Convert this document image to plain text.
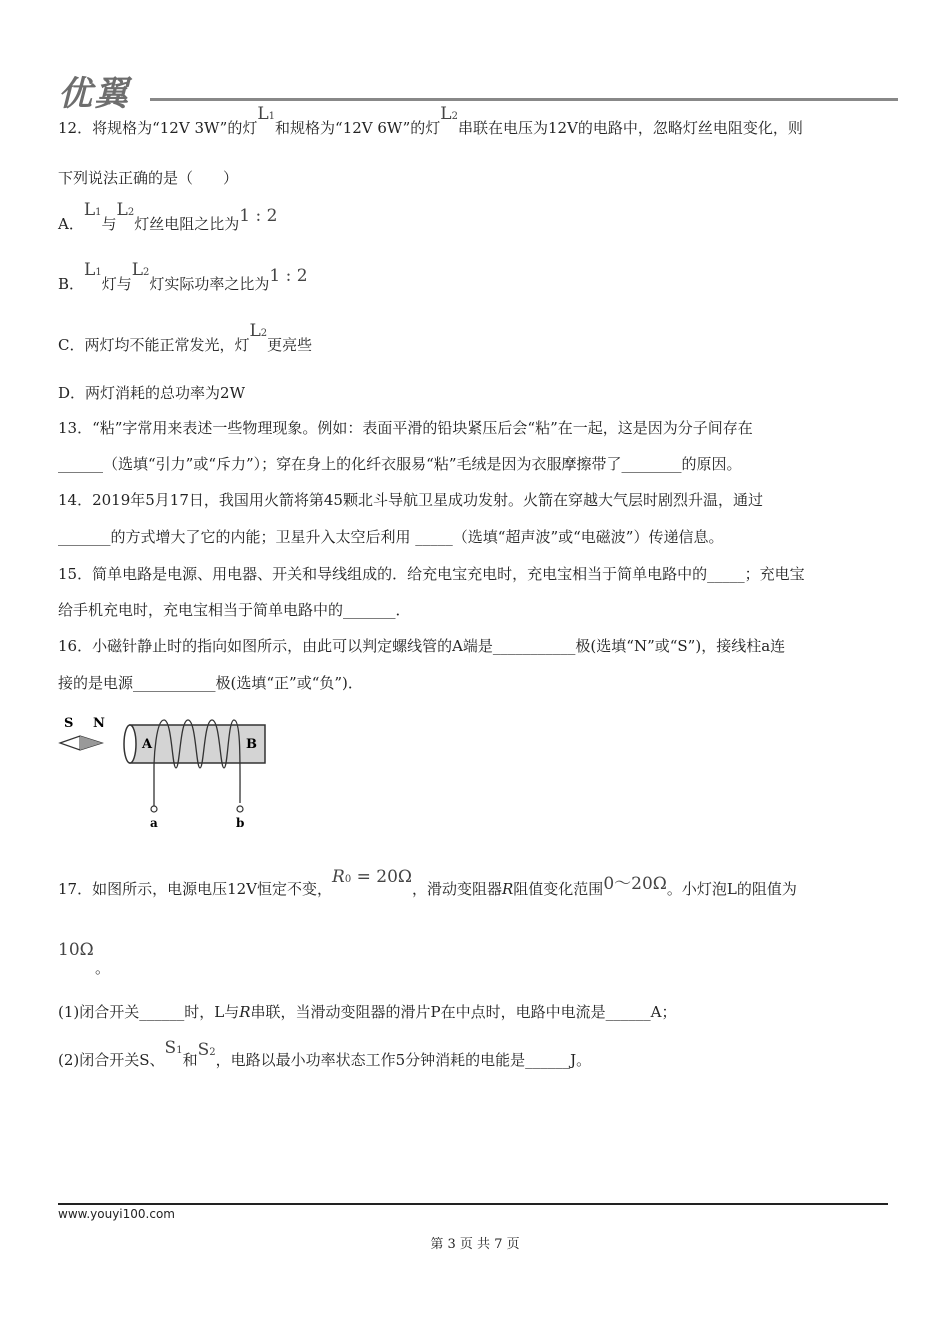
优翼
12．将规格为“12V 3W”的灯L1和规格为“12V 6W”的灯L2串联在电压为12V的电路中，忽略灯丝电阻变化，则
下列说法正确的是（　　）
A．L1与L2灯丝电阻之比为1 : 2
B．L1灯与L2灯实际功率之比为1 : 2
C．两灯均不能正常发光，灯L2更亮些
D．两灯消耗的总功率为2W
13．“粘”字常用来表述一些物理现象。例如：表面平滑的铅块紧压后会“粘”在一起，这是因为分子间存在
______（选填“引力”或“斥力”）；穿在身上的化纤衣服易“粘”毛绒是因为衣服摩擦带了________的原因。
14．2019年5月17日，我国用火箭将第45颗北斗导航卫星成功发射。火箭在穿越大气层时剧烈升温，通过
_______的方式增大了它的内能；卫星升入太空后利用 _____（选填“超声波”或“电磁波”）传递信息。
15．简单电路是电源、用电器、开关和导线组成的．给充电宝充电时，充电宝相当于简单电路中的_____；充电宝
给手机充电时，充电宝相当于简单电路中的_______．
16．小磁针静止时的指向如图所示，由此可以判定螺线管的A端是___________极(选填“N”或“S”)，接线柱a连
接的是电源___________极(选填“正”或“负”)．
S N
A	B
a	b
17．如图所示，电源电压12V恒定不变，R0 = 20Ω，滑动变阻器R阻值变化范围0～20Ω。小灯泡L的阻值为
10Ω
。
(1)闭合开关______时，L与R串联，当滑动变阻器的滑片P在中点时，电路中电流是______A；
(2)闭合开关S、S1和S2，电路以最小功率状态工作5分钟消耗的电能是______J。
www.youyi100.com
第 3 页 共 7 页
